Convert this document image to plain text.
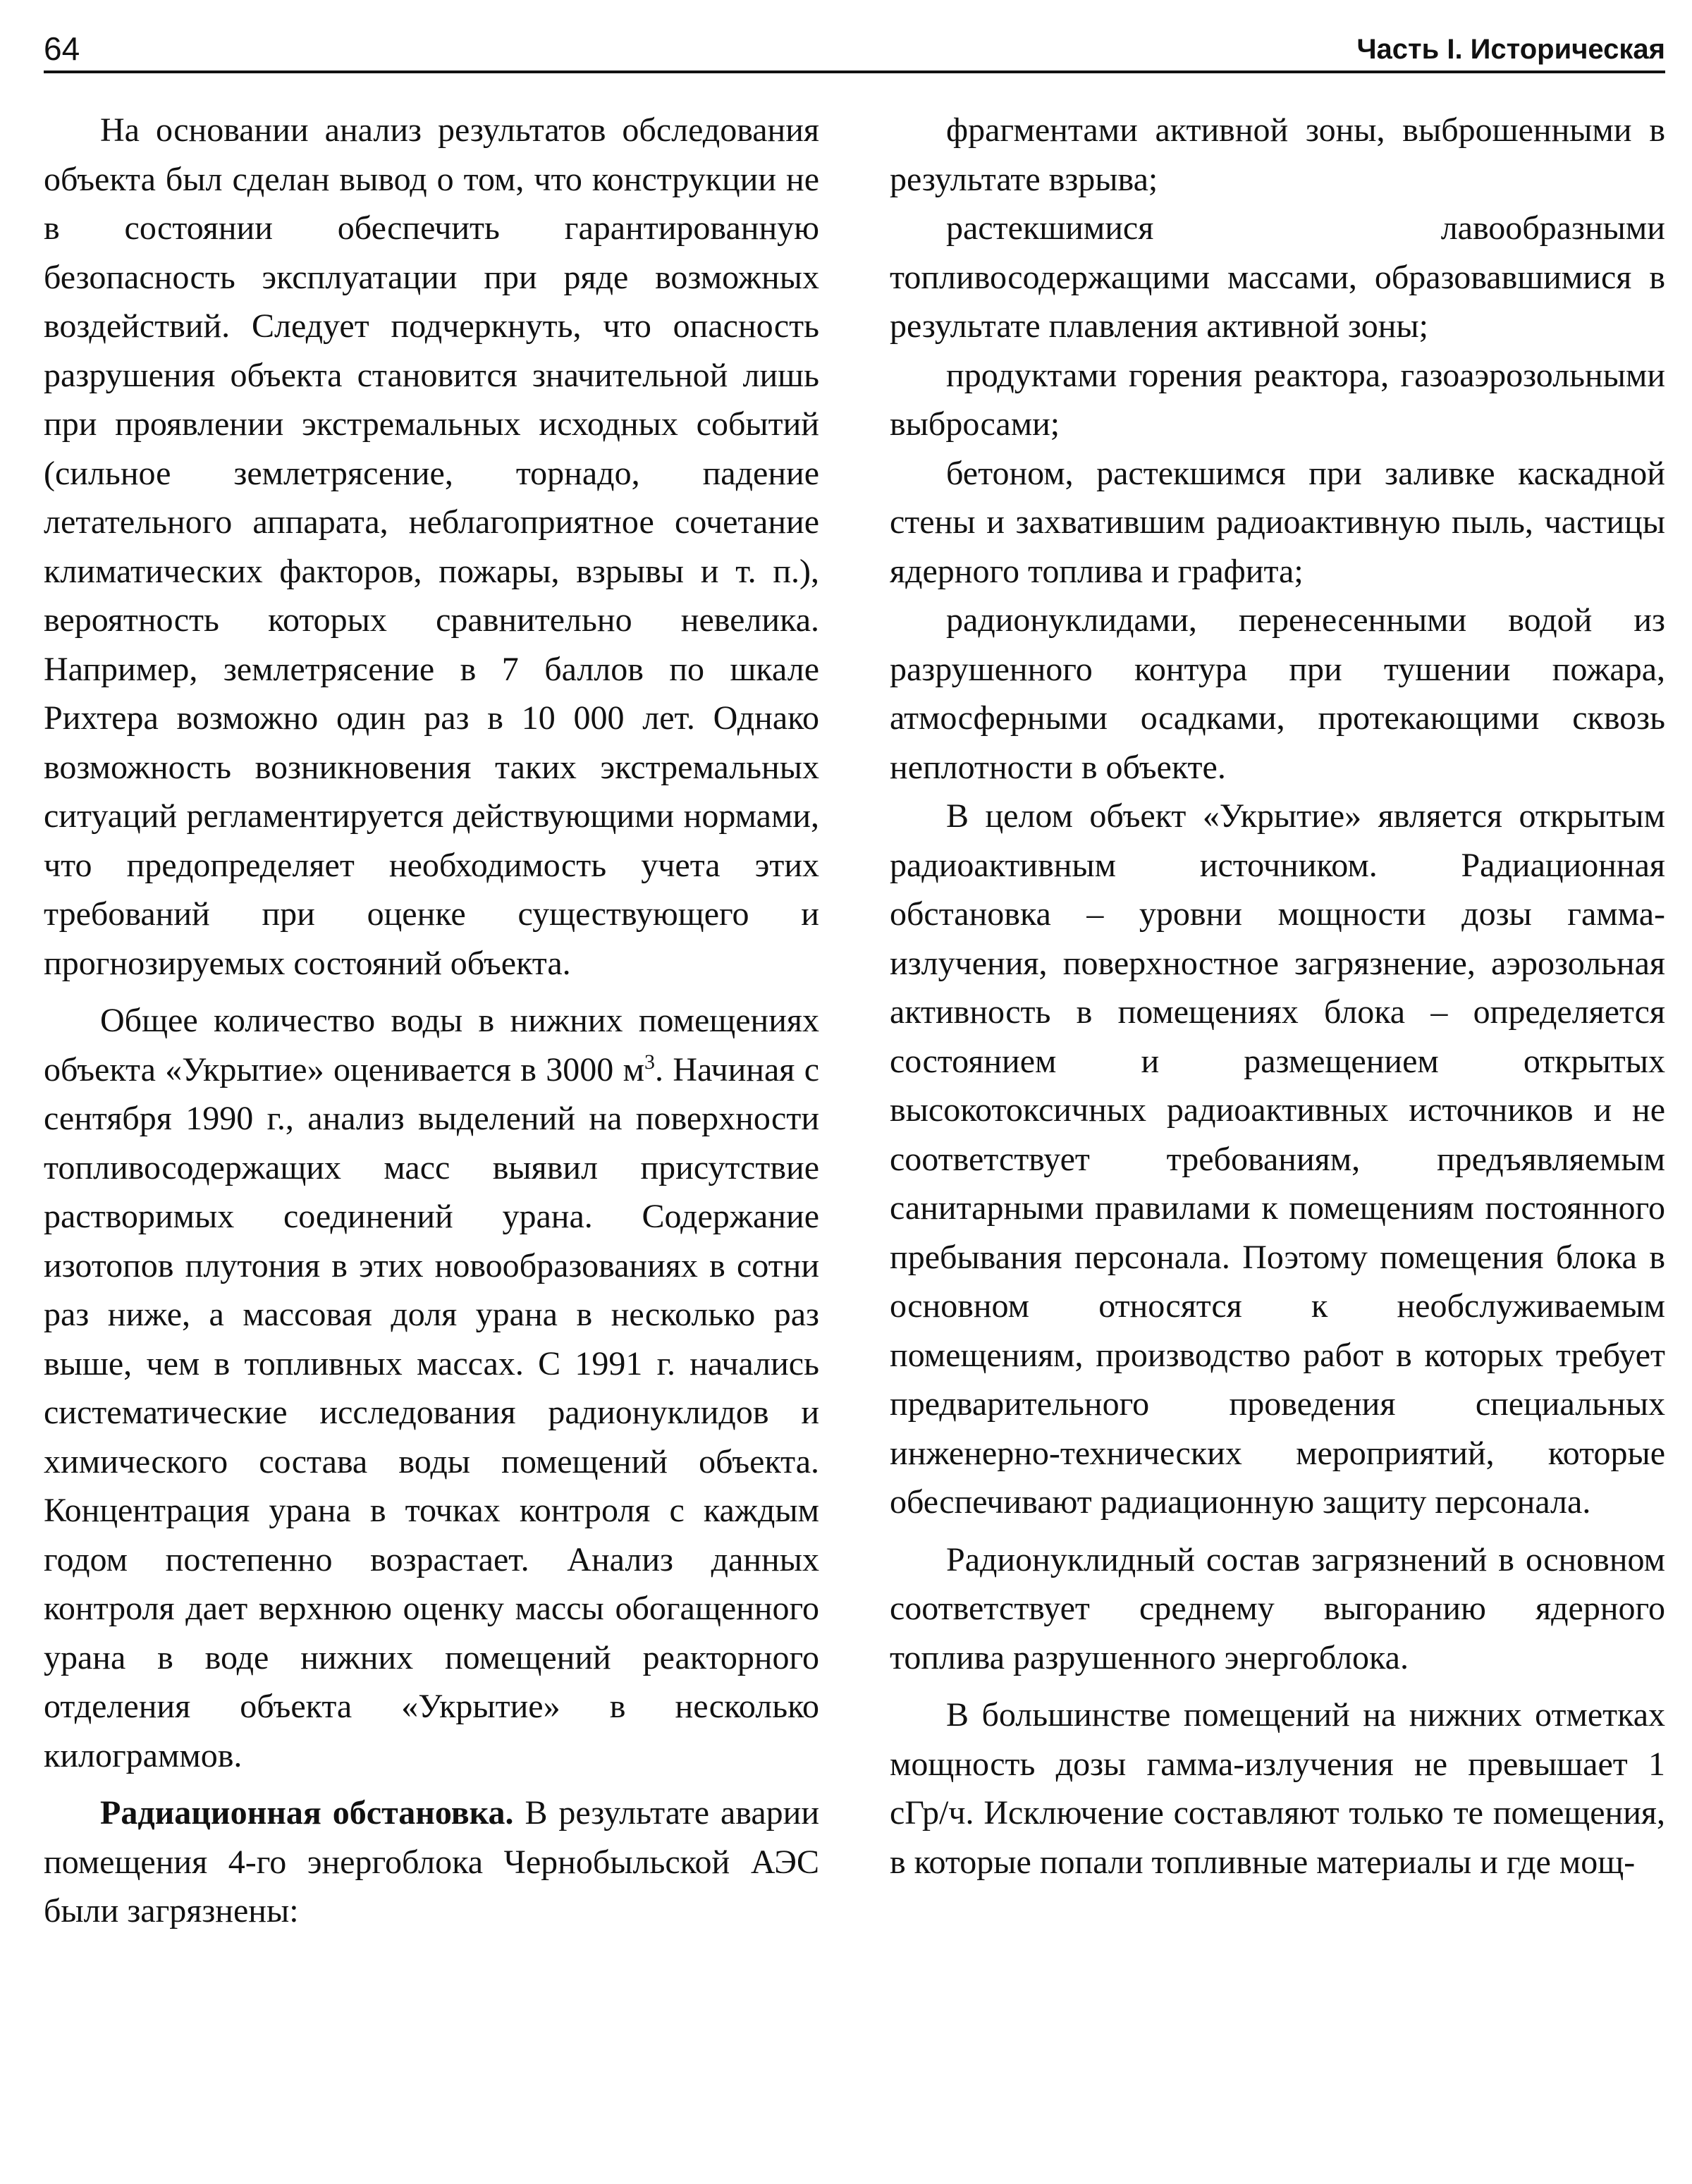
64	Часть I. Историческая

На основании анализ результатов обследования объекта был сделан вывод о том, что конструкции не в состоянии обеспечить гарантированную безопасность эксплуатации при ряде возможных воздействий. Следует подчеркнуть, что опасность разрушения объекта становится значительной лишь при проявлении экстремальных исходных событий (сильное землетрясение, торнадо, падение летательного аппарата, неблагоприятное сочетание климатических факторов, пожары, взрывы и т. п.), вероятность которых сравнительно невелика. Например, землетрясение в 7 баллов по шкале Рихтера возможно один раз в 10 000 лет. Однако возможность возникновения таких экстремальных ситуаций регламентируется действующими нормами, что предопределяет необходимость учета этих требований при оценке существующего и прогнозируемых состояний объекта.

Общее количество воды в нижних помещениях объекта «Укрытие» оценивается в 3000 $м^3$. Начиная с сентября 1990 г., анализ выделений на поверхности топливосодержащих масс выявил присутствие растворимых соединений урана. Содержание изотопов плутония в этих новообразованиях в сотни раз ниже, а массовая доля урана в несколько раз выше, чем в топливных массах. С 1991 г. начались систематические исследования радионуклидов и химического состава воды помещений объекта. Концентрация урана в точках контроля с каждым годом постепенно возрастает. Анализ данных контроля дает верхнюю оценку массы обогащенного урана в воде нижних помещений реакторного отделения объекта «Укрытие» в несколько килограммов.

Радиационная обстановка. В результате аварии помещения 4-го энергоблока Чернобыльской АЭС были загрязнены:

фрагментами активной зоны, выброшенными в результате взрыва;

растекшимися лавообразными топливосодержащими массами, образовавшимися в результате плавления активной зоны;

продуктами горения реактора, газоаэрозольными выбросами;

бетоном, растекшимся при заливке каскадной стены и захватившим радиоактивную пыль, частицы ядерного топлива и графита;

радионуклидами, перенесенными водой из разрушенного контура при тушении пожара, атмосферными осадками, протекающими сквозь неплотности в объекте.

В целом объект «Укрытие» является открытым радиоактивным источником. Радиационная обстановка – уровни мощности дозы гамма-излучения, поверхностное загрязнение, аэрозольная активность в помещениях блока – определяется состоянием и размещением открытых высокотоксичных радиоактивных источников и не соответствует требованиям, предъявляемым санитарными правилами к помещениям постоянного пребывания персонала. Поэтому помещения блока в основном относятся к необслуживаемым помещениям, производство работ в которых требует предварительного проведения специальных инженерно-технических мероприятий, которые обеспечивают радиационную защиту персонала.

Радионуклидный состав загрязнений в основном соответствует среднему выгоранию ядерного топлива разрушенного энергоблока.

В большинстве помещений на нижних отметках мощность дозы гамма-излучения не превышает 1 сГр/ч. Исключение составляют только те помещения, в которые попали топливные материалы и где мощ-
